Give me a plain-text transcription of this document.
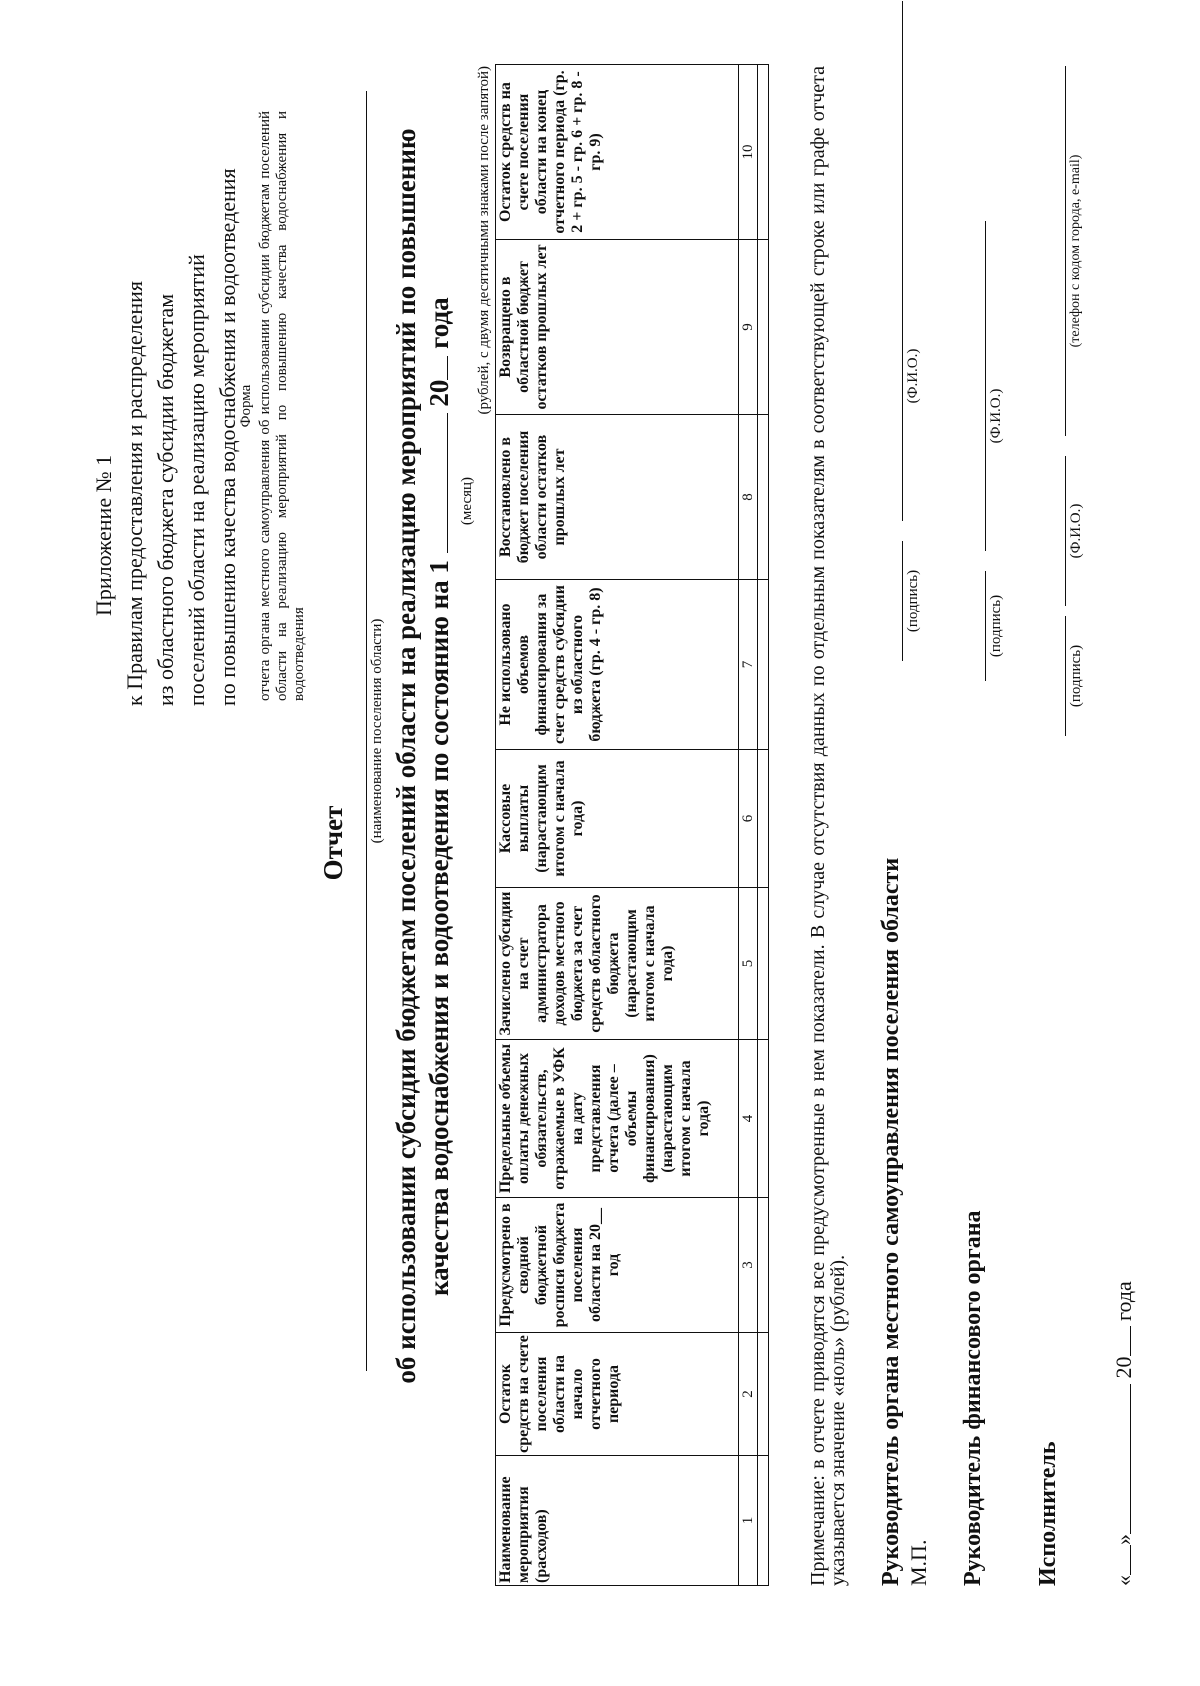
Приложение № 1 к Правилам предоставления и распределения из областного бюджета субсидии бюджетам поселений области на реализацию мероприятий по повышению качества водоснабжения и водоотведения
Форма отчета органа местного самоуправления об использовании субсидии бюджетам поселений области на реализацию мероприятий по повышению качества водоснабжения и водоотведения
Отчет (наименование поселения области) об использовании субсидии бюджетам поселений области на реализацию мероприятий по повышению качества водоснабжения и водоотведения по состоянию на 1  20 года
(месяц)
(рублей, с двумя десятичными знаками после запятой)
Наименование мероприятия (расходов)	Остаток средств на счете поселения области на начало отчетного периода	Предусмотрено в сводной бюджетной росписи бюджета поселения области на 20__ год	Предельные объемы оплаты денежных обязательств, отражаемые в УФК на дату представления отчета (далее – объемы финансирования) (нарастающим итогом с начала года)	Зачислено субсидии на счет администратора доходов местного бюджета за счет средств областного бюджета (нарастающим итогом с начала года)	Кассовые выплаты (нарастающим итогом с начала года)	Не использовано объемов финансирования за счет средств субсидии из областного бюджета (гр. 4 - гр. 8)	Восстановлено в бюджет поселения области остатков прошлых лет	Возвращено в областной бюджет остатков прошлых лет	Остаток средств на счете поселения области на конец отчетного периода (гр. 2 + гр. 5 - гр. 6 + гр. 8 - гр. 9)
1	2	3	4	5	6	7	8	9	10
										Примечание: в отчете приводятся все предусмотренные в нем показатели. В случае отсутствия данных по отдельным показателям в соответствующей строке или графе отчета указывается значение «ноль» (рублей). Руководитель органа местного самоуправления поселения области М.П.
(подпись)
(Ф.И.О.)
Руководитель финансового органа
(подпись)
(Ф.И.О.)
Исполнитель
(подпись)
(Ф.И.О.)
(телефон с кодом города, e-mail)
«» 20 года
